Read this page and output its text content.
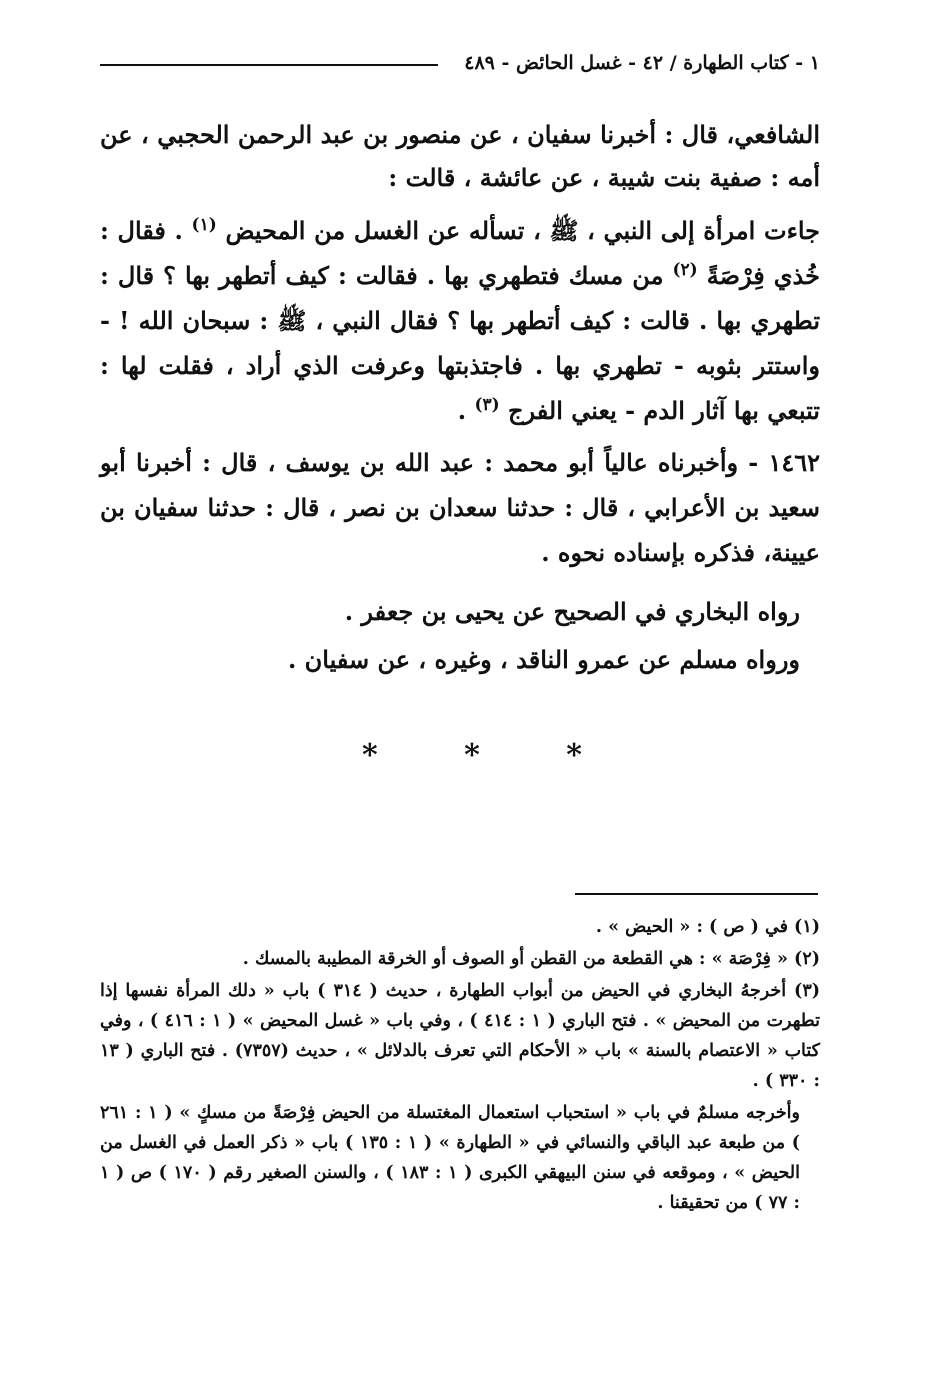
١ - كتاب الطهارة / ٤٢ - غسل الحائض - ٤٨٩
الشافعي، قال : أخبرنا سفيان ، عن منصور بن عبد الرحمن الحجبي ، عن أمه : صفية بنت شيبة ، عن عائشة ، قالت :
جاءت امرأة إلى النبي ، ﷺ ، تسأله عن الغسل من المحيض $^{(١)}$ . فقال : خُذي فِرْصَةً $^{(٢)}$ من مسك فتطهري بها . فقالت : كيف أتطهر بها ؟ قال : تطهري بها . قالت : كيف أتطهر بها ؟ فقال النبي ، ﷺ : سبحان الله ! - واستتر بثوبه - تطهري بها . فاجتذبتها وعرفت الذي أراد ، فقلت لها : تتبعي بها آثار الدم - يعني الفرج $^{(٣)}$ .
١٤٦٢ - وأخبرناه عالياً أبو محمد : عبد الله بن يوسف ، قال : أخبرنا أبو سعيد بن الأعرابي ، قال : حدثنا سعدان بن نصر ، قال : حدثنا سفيان بن عيينة، فذكره بإسناده نحوه .
رواه البخاري في الصحيح عن يحيى بن جعفر .
ورواه مسلم عن عمرو الناقد ، وغيره ، عن سفيان .
*	*	*

(١) في ( ص ) : « الحيض » .

(٢) « فِرْصَة » : هي القطعة من القطن أو الصوف أو الخرقة المطيبة بالمسك .

(٣) أخرجهُ البخاري في الحيض من أبواب الطهارة ، حديث ( ٣١٤ ) باب « دلك المرأة نفسها إذا تطهرت من المحيض » . فتح الباري ( ١ : ٤١٤ ) ، وفي باب « غسل المحيض » ( ١ : ٤١٦ ) ، وفي كتاب « الاعتصام بالسنة » باب « الأحكام التي تعرف بالدلائل » ، حديث (٧٣٥٧) . فتح الباري ( ١٣ : ٣٣٠ ) .

وأخرجه مسلمٌ في باب « استحباب استعمال المغتسلة من الحيض فِرْصَةً من مسكٍ » ( ١ : ٢٦١ ) من طبعة عبد الباقي والنسائي في « الطهارة » ( ١ : ١٣٥ ) باب « ذكر العمل في الغسل من الحيض » ، وموقعه في سنن البيهقي الكبرى ( ١ : ١٨٣ ) ، والسنن الصغير رقم ( ١٧٠ ) ص ( ١ : ٧٧ ) من تحقيقنا .
